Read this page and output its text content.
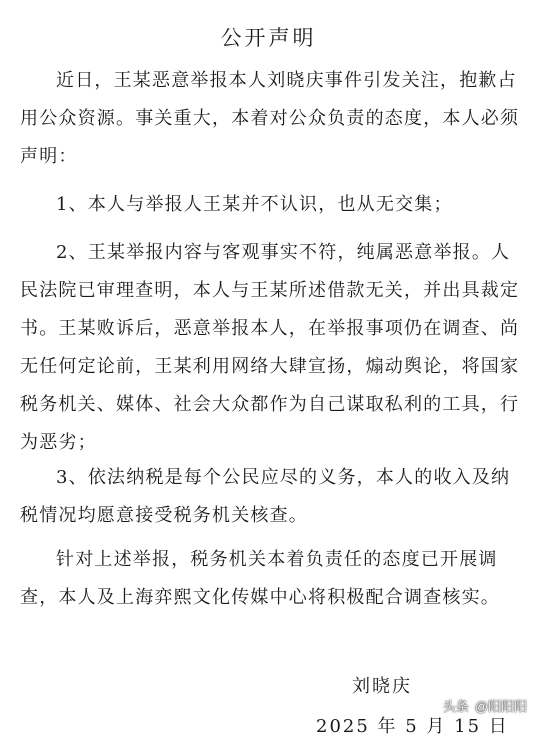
公开声明

近日，王某恶意举报本人刘晓庆事件引发关注，抱歉占用公众资源。事关重大，本着对公众负责的态度，本人必须声明：

1、本人与举报人王某并不认识，也从无交集；

2、王某举报内容与客观事实不符，纯属恶意举报。人民法院已审理查明，本人与王某所述借款无关，并出具裁定书。王某败诉后，恶意举报本人，在举报事项仍在调查、尚无任何定论前，王某利用网络大肆宣扬，煽动舆论，将国家税务机关、媒体、社会大众都作为自己谋取私利的工具，行为恶劣；

3、依法纳税是每个公民应尽的义务，本人的收入及纳税情况均愿意接受税务机关核查。

针对上述举报，税务机关本着负责任的态度已开展调查，本人及上海弈熙文化传媒中心将积极配合调查核实。

刘晓庆
2025 年 5 月 15 日
头条 @阳阳阳
